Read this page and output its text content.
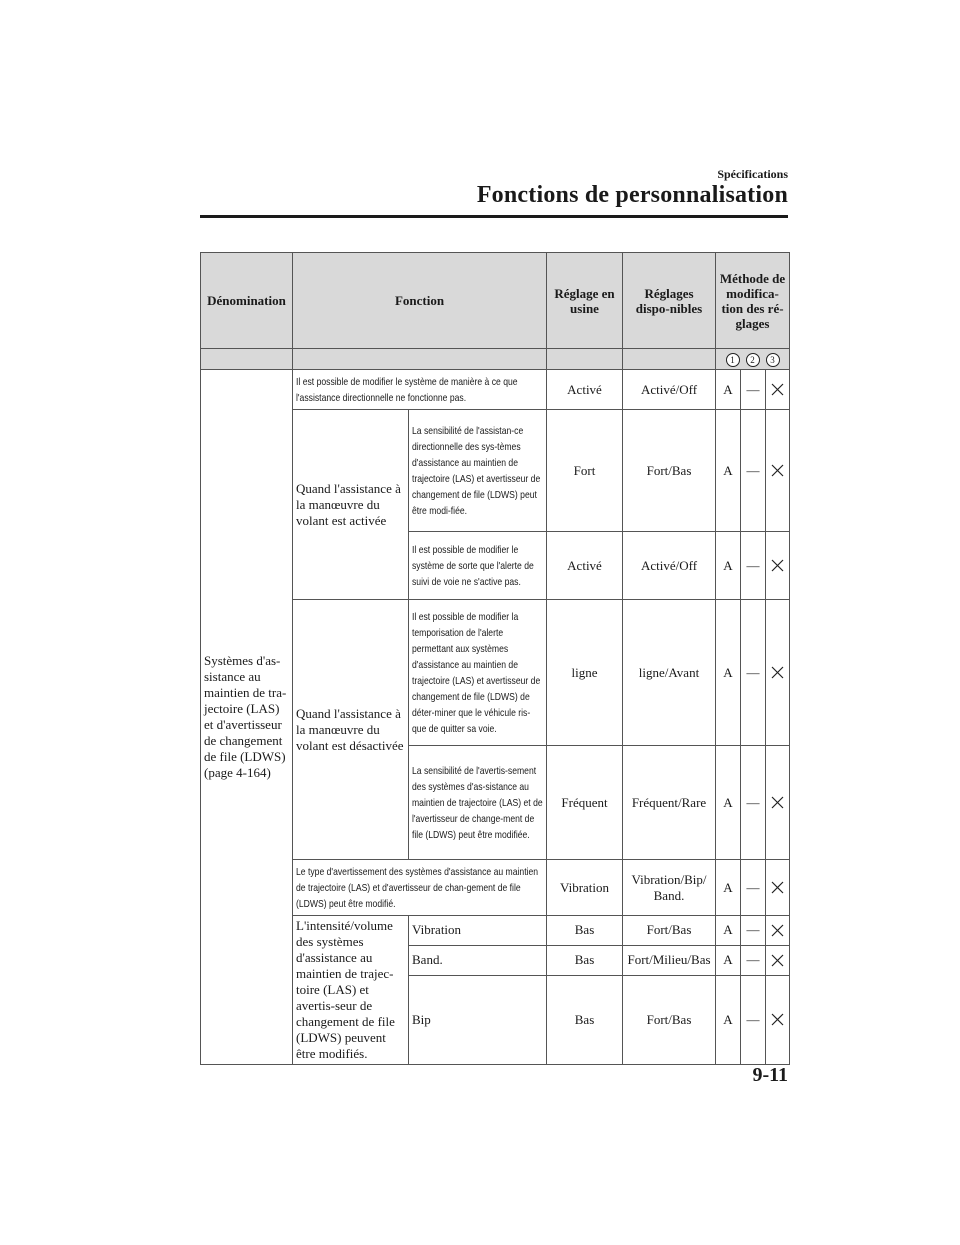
Spécifications
Fonctions de personnalisation
Dénomination	Fonction		Réglage en usine	Réglages dispo-nibles	Méthode de modifica-tion des ré-glages		
					1 2 3		
Systèmes d'as-sistance au maintien de tra-jectoire (LAS) et d'avertisseur de changement de file (LDWS) (page 4-164)	Il est possible de modifier le système de manière à ce que l'assistance directionnelle ne fonctionne pas.		Activé	Activé/Off	A	—	

	Quand l'assistance à la manœuvre du volant est activée	La sensibilité de l'assistan-ce directionnelle des sys-tèmes d'assistance au maintien de trajectoire (LAS) et avertisseur de changement de file (LDWS) peut être modi-fiée.	Fort	Fort/Bas	A	—	

		Il est possible de modifier le système de sorte que l'alerte de suivi de voie ne s'active pas.	Activé	Activé/Off	A	—	

	Quand l'assistance à la manœuvre du volant est désactivée	Il est possible de modifier la temporisation de l'alerte permettant aux systèmes d'assistance au maintien de trajectoire (LAS) et avertisseur de changement de file (LDWS) de déter-miner que le véhicule ris-que de quitter sa voie.	ligne	ligne/Avant	A	—	

		La sensibilité de l'avertis-sement des systèmes d'as-sistance au maintien de trajectoire (LAS) et de l'avertisseur de change-ment de file (LDWS) peut être modifiée.	Fréquent	Fréquent/Rare	A	—	

	Le type d'avertissement des systèmes d'assistance au maintien de trajectoire (LAS) et d'avertisseur de chan-gement de file (LDWS) peut être modifié.		Vibration	Vibration/Bip/ Band.	A	—	

	L'intensité/volume des systèmes d'assistance au maintien de trajec-toire (LAS) et avertis-seur de changement de file (LDWS) peuvent être modifiés.	Vibration	Bas	Fort/Bas	A	—	

		Band.	Bas	Fort/Milieu/Bas	A	—	

		Bip	Bas	Fort/Bas	A	—	
9-11
